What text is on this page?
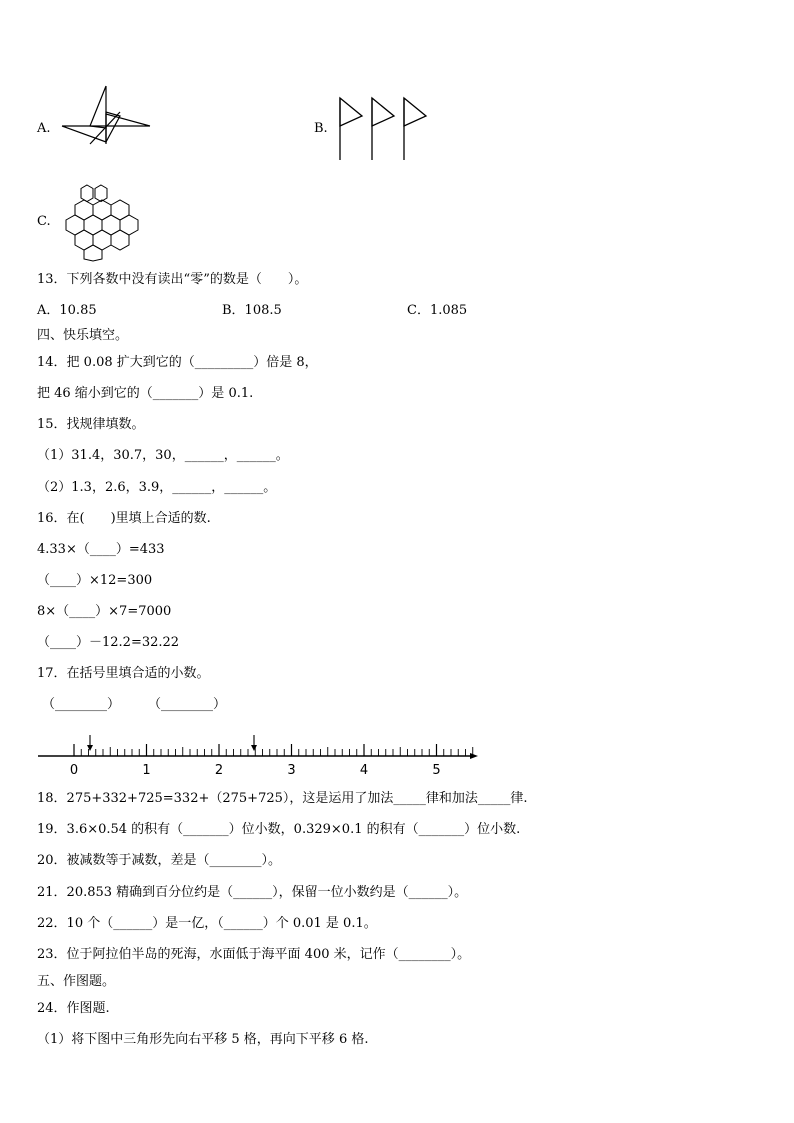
A.	B.
C.
13．下列各数中没有读出“零”的数是（　　）。
A．10.85	B．108.5	C．1.085
四、快乐填空。
14．把 0.08 扩大到它的（_________）倍是 8，
把 46 缩小到它的（_______）是 0.1.
15．找规律填数。
（1）31.4，30.7，30，______，______。
（2）1.3，2.6，3.9，______，______。
16．在(　　)里填上合适的数.
4.33×（____）=433
（____）×12=300
8×（____）×7=7000
（____）－12.2=32.22
17．在括号里填合适的小数。
（________） （________）
0	1	2	3	4	5
18．275+332+725=332+（275+725），这是运用了加法_____律和加法_____律.
19．3.6×0.54 的积有（_______）位小数，0.329×0.1 的积有（_______）位小数.
20．被减数等于减数，差是（________）。
21．20.853 精确到百分位约是（______），保留一位小数约是（______）。
22．10 个（______）是一亿，（______）个 0.01 是 0.1。
23．位于阿拉伯半岛的死海，水面低于海平面 400 米，记作（________）。
五、作图题。
24．作图题.
（1）将下图中三角形先向右平移 5 格，再向下平移 6 格.
